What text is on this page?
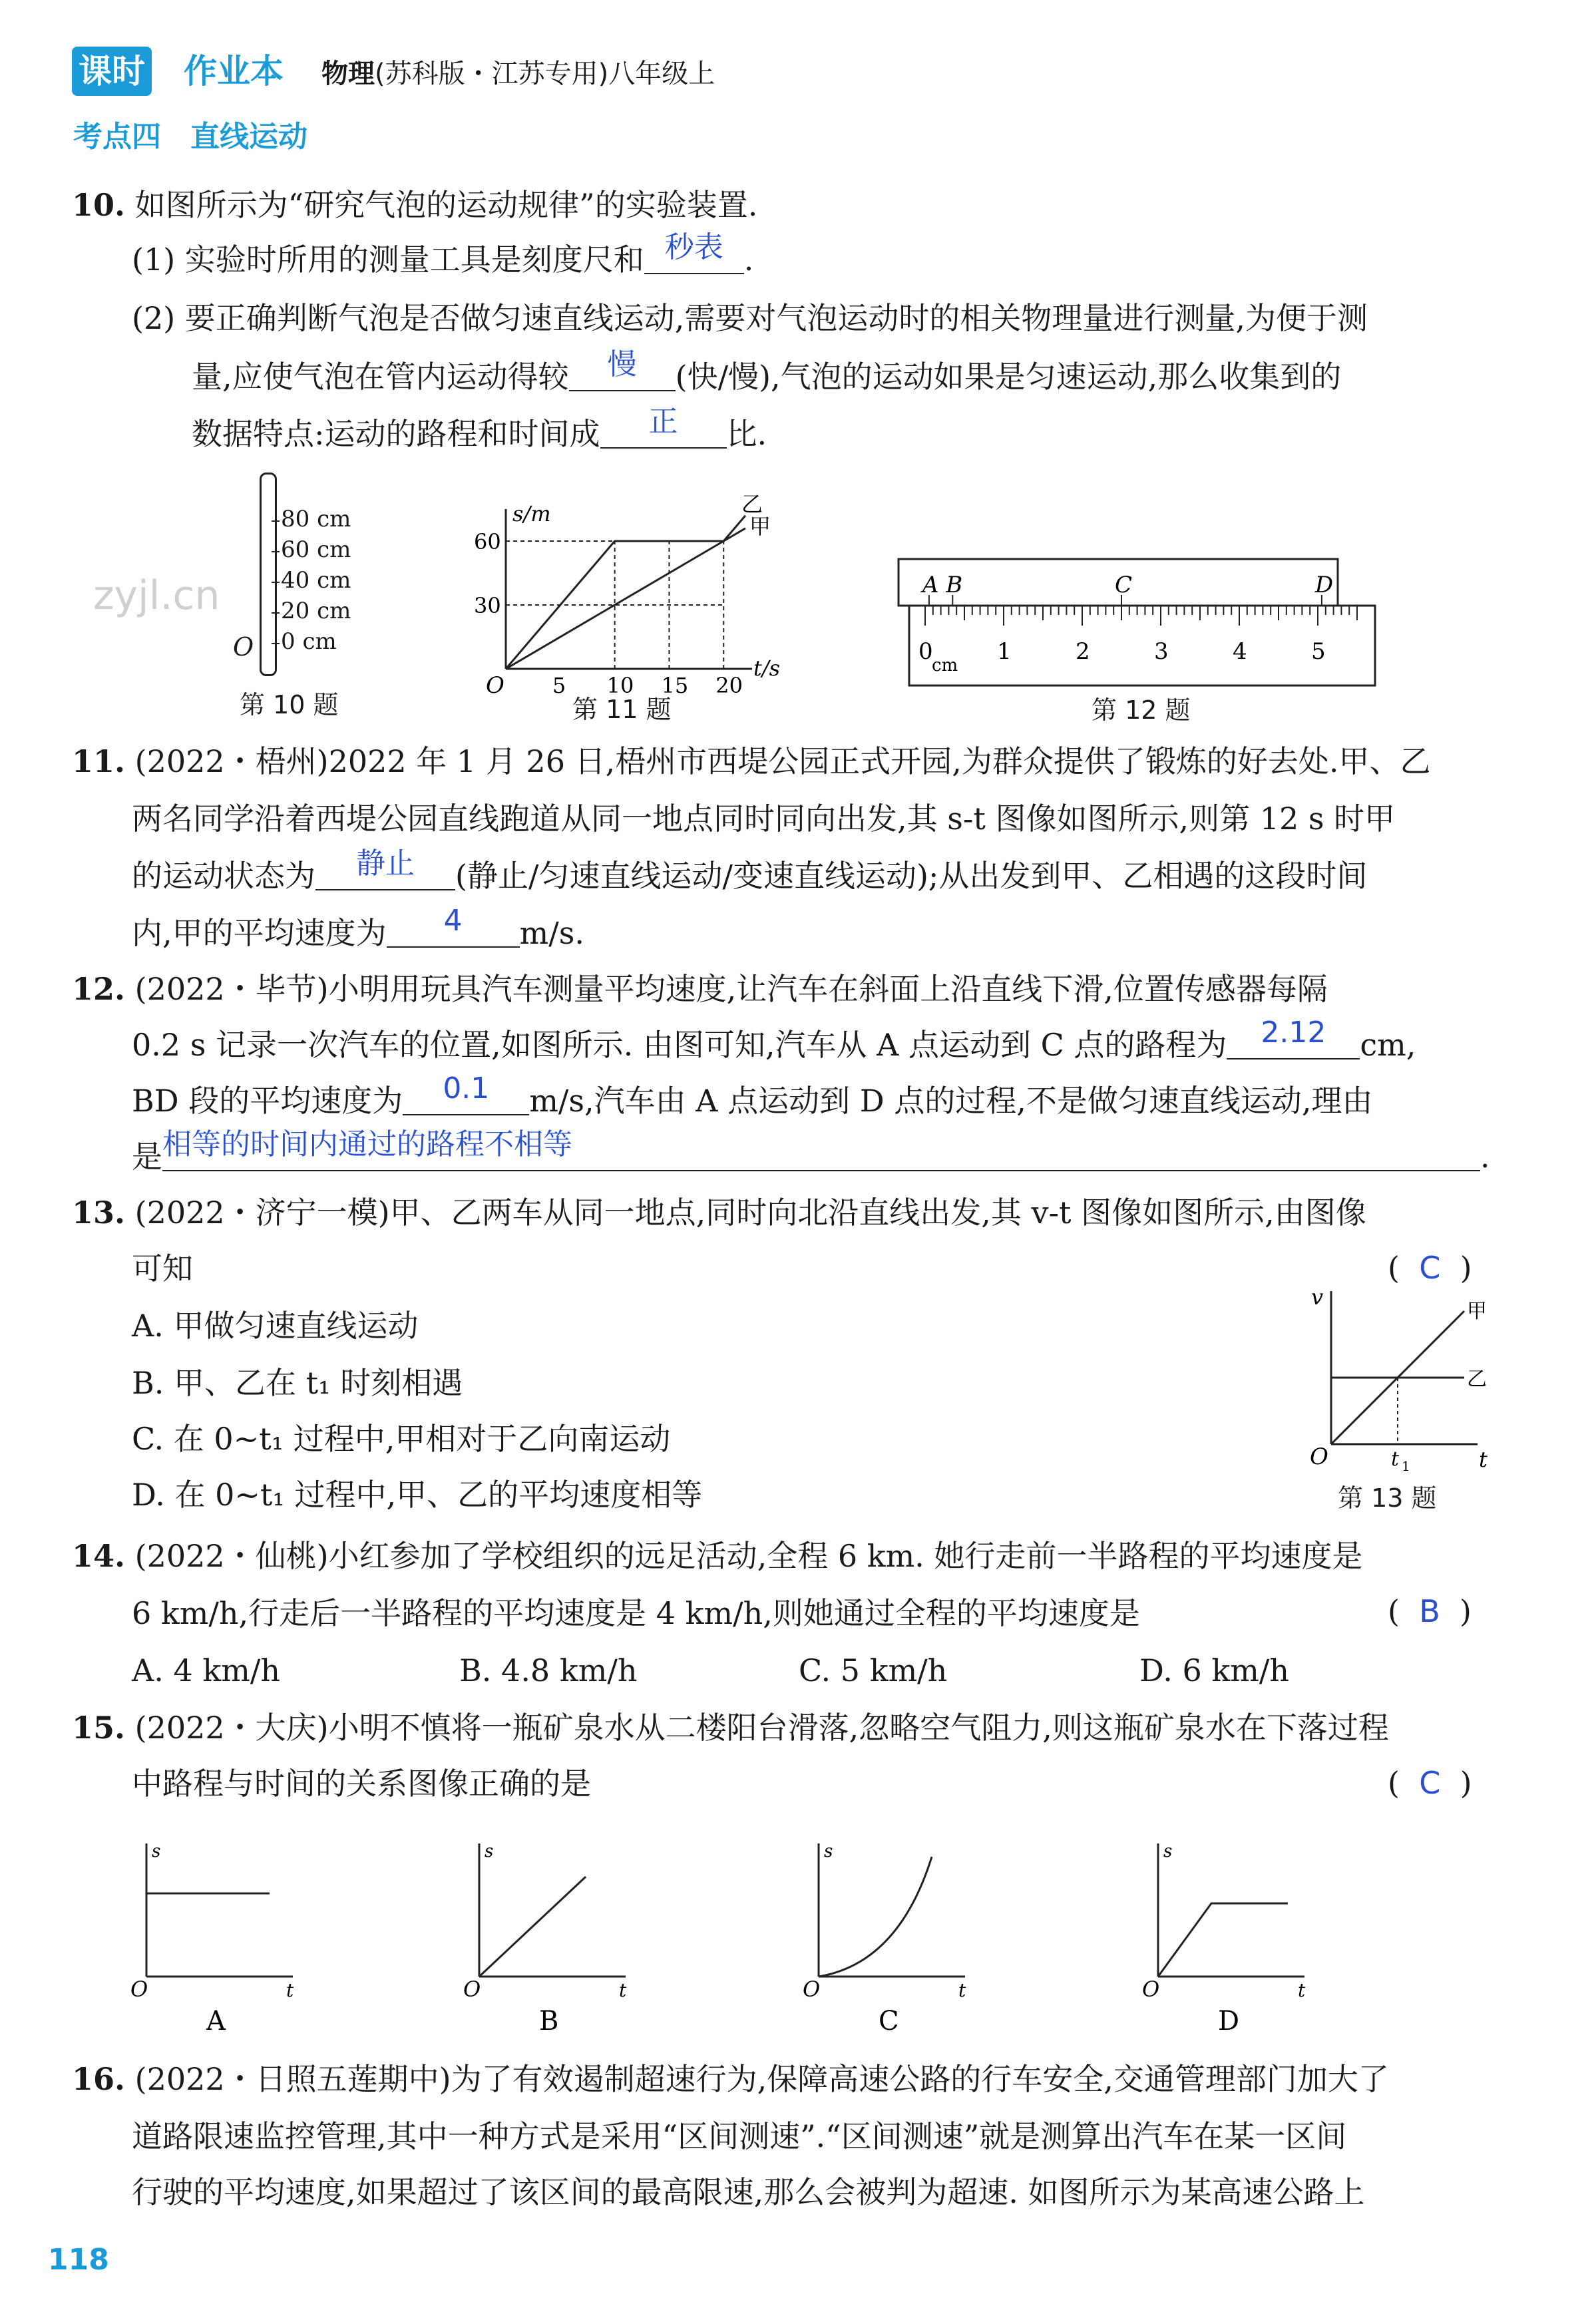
课时 作业本 物理(苏科版・江苏专用)八年级上
考点四　直线运动
10. 如图所示为“研究气泡的运动规律”的实验装置.
(1) 实验时所用的测量工具是刻度尺和 秒表 .
(2) 要正确判断气泡是否做匀速直线运动,需要对气泡运动时的相关物理量进行测量,为便于测
量,应使气泡在管内运动得较	慢	(快/慢),气泡的运动如果是匀速运动,那么收集到的
数据特点:运动的路程和时间成	正	比.
zyjl.cn
80 cm
60 cm
40 cm
20 cm
0 cm
O
第 10 题
t/s
s/m
O
60
30
5 10 15 20
乙
甲
第 11 题
0	1	2	3	4	5
cm
A B	C	D
第 12 题
11. (2022・梧州)2022 年 1 月 26 日,梧州市西堤公园正式开园,为群众提供了锻炼的好去处.甲、乙
两名同学沿着西堤公园直线跑道从同一地点同时同向出发,其 s-t 图像如图所示,则第 12 s 时甲
的运动状态为	静止	(静止/匀速直线运动/变速直线运动);从出发到甲、乙相遇的这段时间
内,甲的平均速度为	4	m/s.
12. (2022・毕节)小明用玩具汽车测量平均速度,让汽车在斜面上沿直线下滑,位置传感器每隔
0.2 s 记录一次汽车的位置,如图所示. 由图可知,汽车从 A 点运动到 C 点的路程为	2.12	cm,
BD 段的平均速度为	0.1	m/s,汽车由 A 点运动到 D 点的过程,不是做匀速直线运动,理由
是 相等的时间内通过的路程不相等	.
13. (2022・济宁一模)甲、乙两车从同一地点,同时向北沿直线出发,其 v-t 图像如图所示,由图像
可知	(  C  )
A. 甲做匀速直线运动
B. 甲、乙在 t₁ 时刻相遇
C. 在 0~t₁ 过程中,甲相对于乙向南运动
D. 在 0~t₁ 过程中,甲、乙的平均速度相等
v
t
O
甲
乙
t 1
第 13 题
14. (2022・仙桃)小红参加了学校组织的远足活动,全程 6 km. 她行走前一半路程的平均速度是
6 km/h,行走后一半路程的平均速度是 4 km/h,则她通过全程的平均速度是	(  B  )
A. 4 km/h	B. 4.8 km/h	C. 5 km/h	D. 6 km/h
15. (2022・大庆)小明不慎将一瓶矿泉水从二楼阳台滑落,忽略空气阻力,则这瓶矿泉水在下落过程
中路程与时间的关系图像正确的是	(  C  )
s
t
O
A
s
t
O
B
s
t
O
C
s
t
O
D
16. (2022・日照五莲期中)为了有效遏制超速行为,保障高速公路的行车安全,交通管理部门加大了
道路限速监控管理,其中一种方式是采用“区间测速”.“区间测速”就是测算出汽车在某一区间
行驶的平均速度,如果超过了该区间的最高限速,那么会被判为超速. 如图所示为某高速公路上
118
